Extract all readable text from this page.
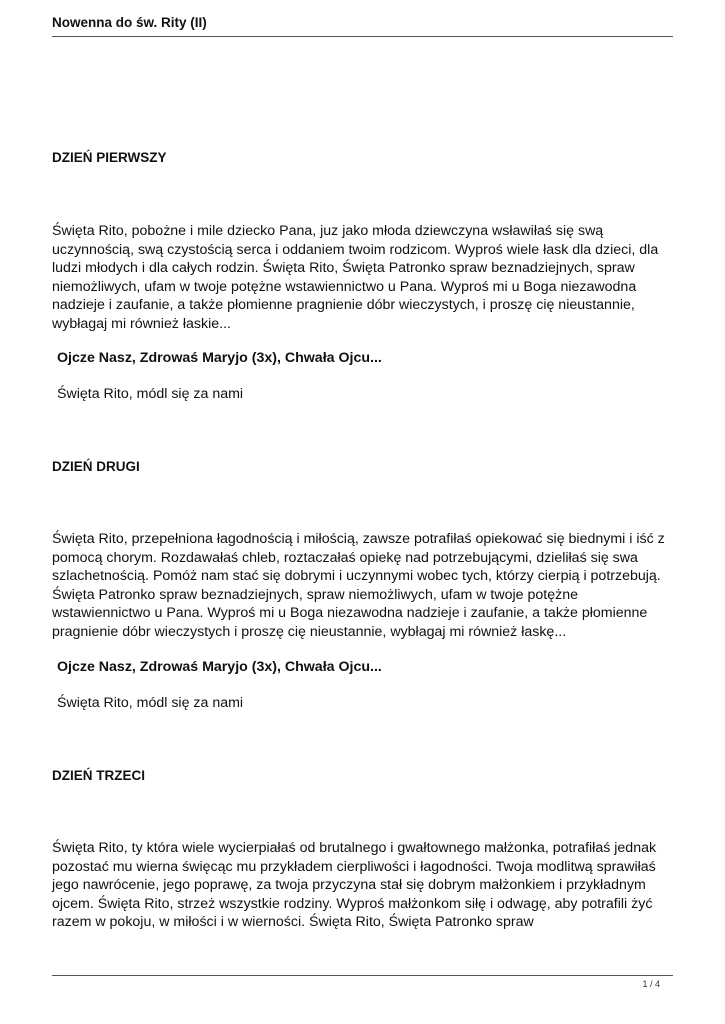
Nowenna do św. Rity (II)
DZIEŃ PIERWSZY

Święta Rito, pobożne i mile dziecko Pana, juz jako młoda dziewczyna wsławiłaś się swą uczynnością, swą czystością serca i oddaniem twoim rodzicom. Wyproś wiele łask dla dzieci, dla ludzi młodych i dla całych rodzin. Święta Rito, Święta Patronko spraw beznadziejnych, spraw niemożliwych, ufam w twoje potężne wstawiennictwo u Pana. Wyproś mi u Boga niezawodna nadzieje i zaufanie, a także płomienne pragnienie dóbr wieczystych, i proszę cię nieustannie, wybłagaj mi również łaskie...

Ojcze Nasz, Zdrowaś Maryjo (3x), Chwała Ojcu...

Święta Rito, módl się za nami

DZIEŃ DRUGI

Święta Rito, przepełniona łagodnością i miłością, zawsze potrafiłaś opiekować się biednymi i iść z pomocą chorym. Rozdawałaś chleb, roztaczałaś opiekę nad potrzebującymi, dzieliłaś się swa szlachetnością. Pomóż nam stać się dobrymi i uczynnymi wobec tych, którzy cierpią i potrzebują. Święta Patronko spraw beznadziejnych, spraw niemożliwych, ufam w twoje potężne wstawiennictwo u Pana. Wyproś mi u Boga niezawodna nadzieje i zaufanie, a także płomienne pragnienie dóbr wieczystych i proszę cię nieustannie, wybłagaj mi również łaskę...

Ojcze Nasz, Zdrowaś Maryjo (3x), Chwała Ojcu...

Święta Rito, módl się za nami

DZIEŃ TRZECI

Święta Rito, ty która wiele wycierpiałaś od brutalnego i gwałtownego małżonka, potrafiłaś jednak pozostać mu wierna święcąc mu przykładem cierpliwości i łagodności. Twoja modlitwą sprawiłaś jego nawrócenie, jego poprawę, za twoja przyczyna stał się dobrym małżonkiem i przykładnym ojcem. Święta Rito, strzeż wszystkie rodziny. Wyproś małżonkom siłę i odwagę, aby potrafili żyć razem w pokoju, w miłości i w wierności. Święta Rito, Święta Patronko spraw

1 / 4
